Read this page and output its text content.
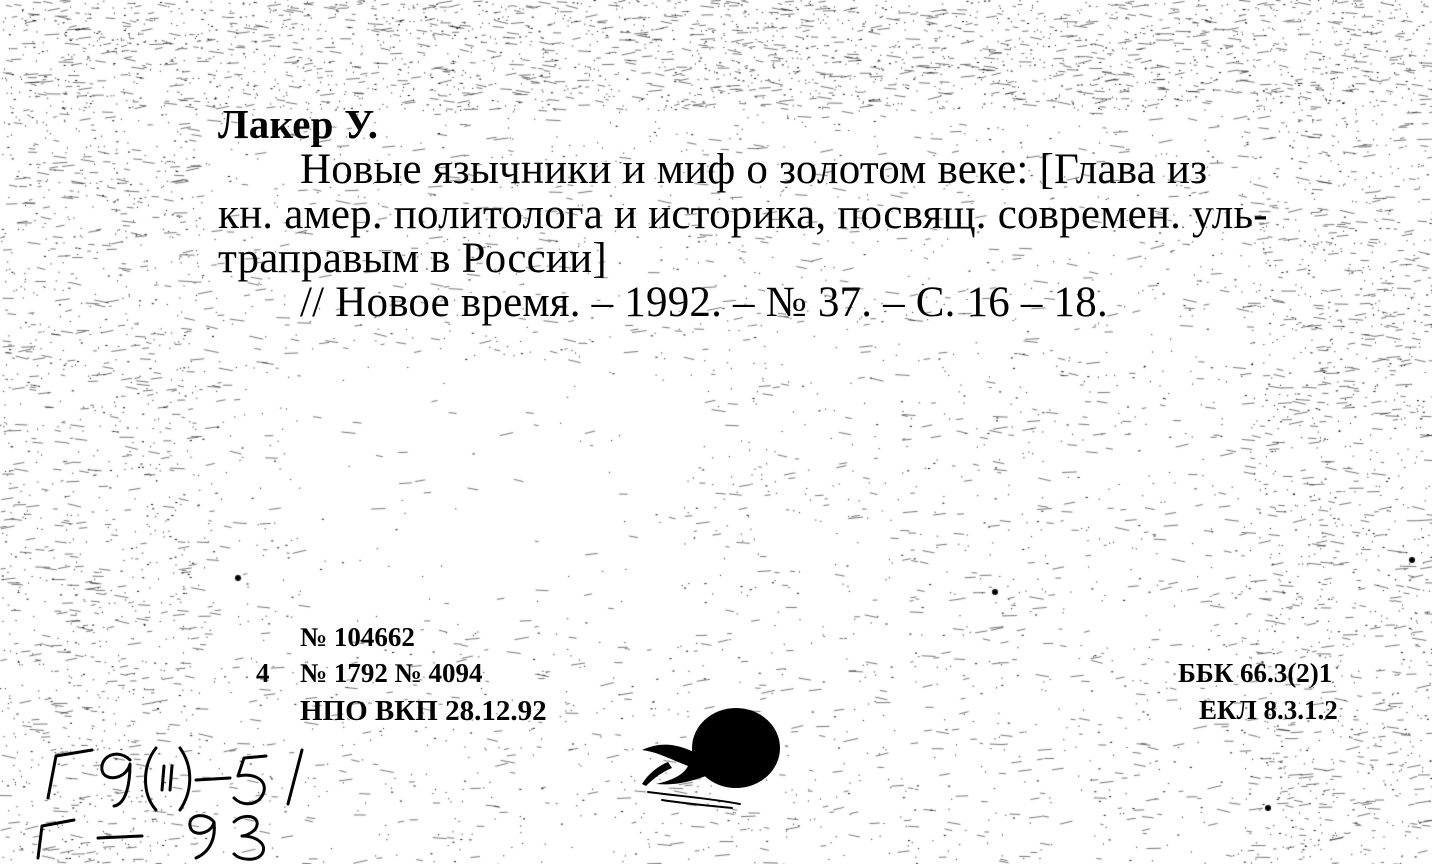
Лакер У.
Новые язычники и миф о золотом веке: [Глава из
кн. амер. политолога и историка, посвящ. современ. уль-
траправым в России]
// Новое время. – 1992. – № 37. – С. 16 – 18.
№ 104662
4 № 1792 № 4094
НПО ВКП 28.12.92
ББК 66.3(2)1
ЕКЛ 8.3.1.2
